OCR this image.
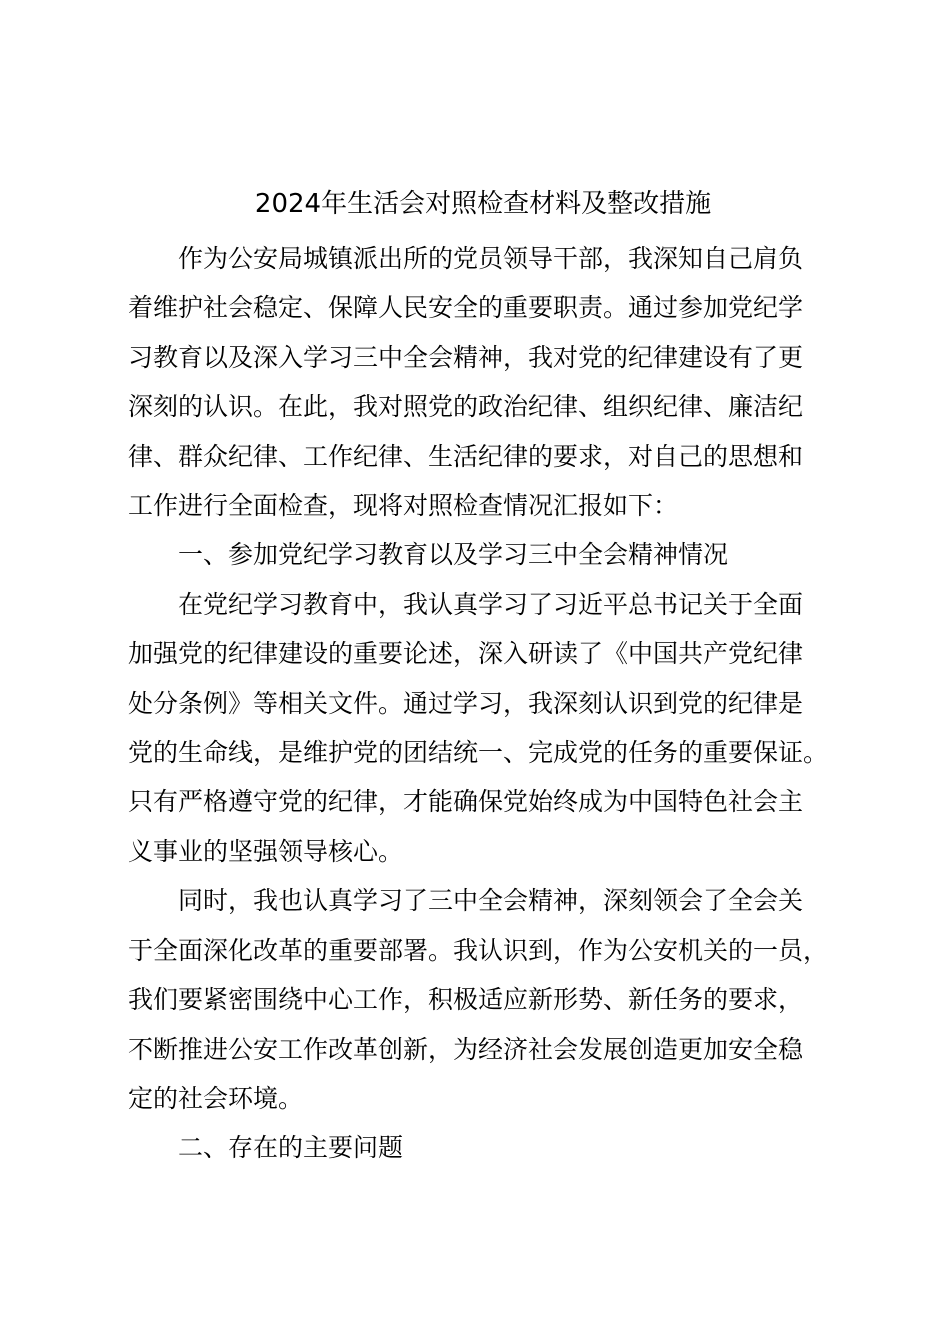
2024年生活会对照检查材料及整改措施

作为公安局城镇派出所的党员领导干部，我深知自己肩负
着维护社会稳定、保障人民安全的重要职责。通过参加党纪学
习教育以及深入学习三中全会精神，我对党的纪律建设有了更
深刻的认识。在此，我对照党的政治纪律、组织纪律、廉洁纪
律、群众纪律、工作纪律、生活纪律的要求，对自己的思想和
工作进行全面检查，现将对照检查情况汇报如下：

一、参加党纪学习教育以及学习三中全会精神情况

在党纪学习教育中，我认真学习了习近平总书记关于全面
加强党的纪律建设的重要论述，深入研读了《中国共产党纪律
处分条例》等相关文件。通过学习，我深刻认识到党的纪律是
党的生命线，是维护党的团结统一、完成党的任务的重要保证。
只有严格遵守党的纪律，才能确保党始终成为中国特色社会主
义事业的坚强领导核心。

同时，我也认真学习了三中全会精神，深刻领会了全会关
于全面深化改革的重要部署。我认识到，作为公安机关的一员，
我们要紧密围绕中心工作，积极适应新形势、新任务的要求，
不断推进公安工作改革创新，为经济社会发展创造更加安全稳
定的社会环境。

二、存在的主要问题
